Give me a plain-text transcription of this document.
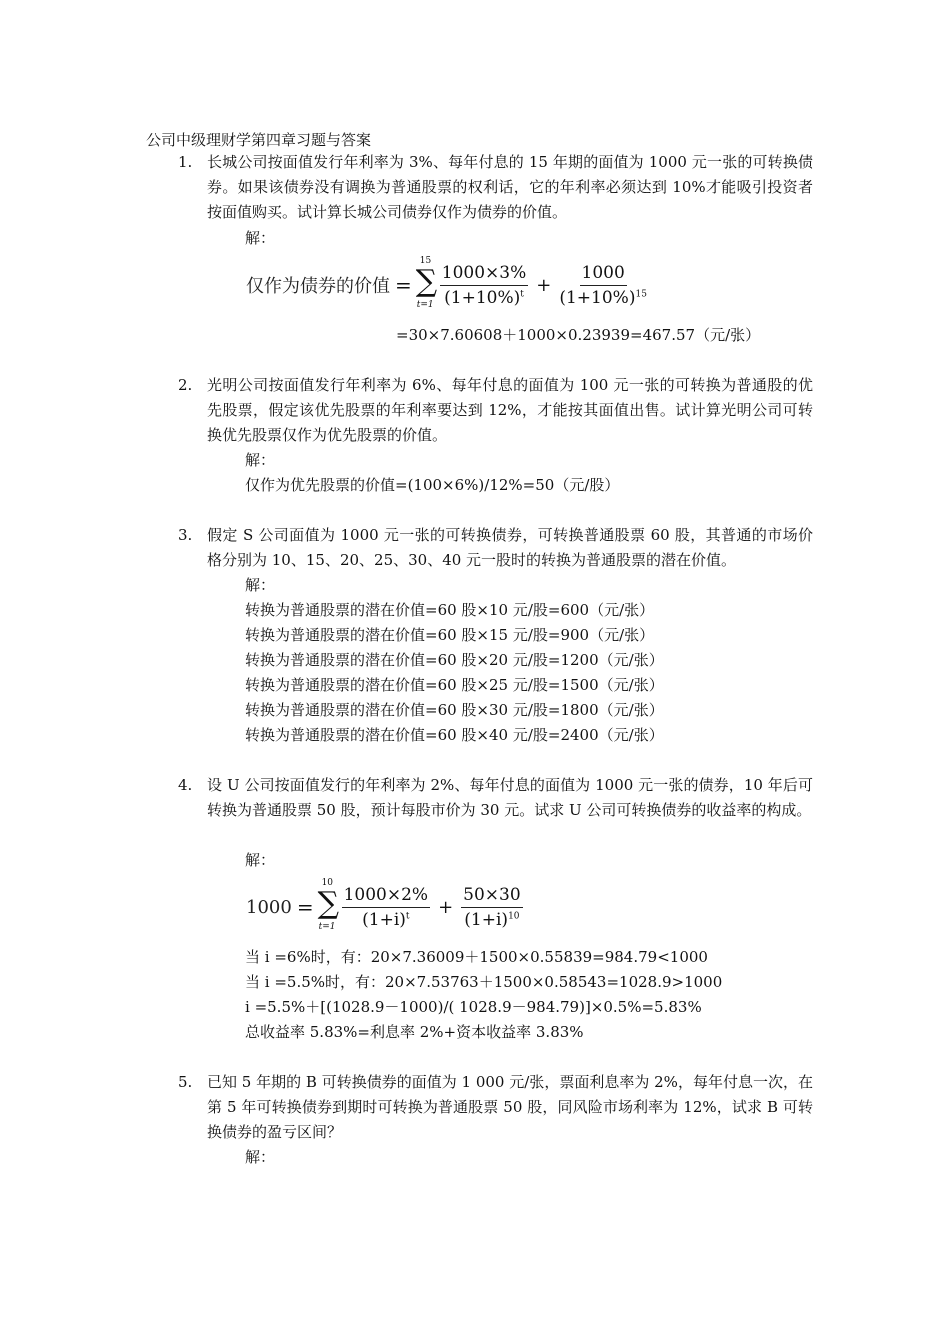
公司中级理财学第四章习题与答案
1. 长城公司按面值发行年利率为 3%、每年付息的 15 年期的面值为 1000 元一张的可转换债券。如果该债券没有调换为普通股票的权利话，它的年利率必须达到 10%才能吸引投资者按面值购买。试计算长城公司债券仅作为债券的价值。
解：
仅作为债券的价值 =
15
∑
$t=1 \frac{1000\times 3\%}{(1+10\%)^t} + \frac{1000}{(1+10\%)^{15}}$
=30×7.60608＋1000×0.23939=467.57（元/张）
2. 光明公司按面值发行年利率为 6%、每年付息的面值为 100 元一张的可转换为普通股的优先股票，假定该优先股票的年利率要达到 12%，才能按其面值出售。试计算光明公司可转换优先股票仅作为优先股票的价值。
解：
仅作为优先股票的价值=(100×6%)/12%=50（元/股）
3. 假定 S 公司面值为 1000 元一张的可转换债券，可转换普通股票 60 股，其普通的市场价格分别为 10、15、20、25、30、40 元一股时的转换为普通股票的潜在价值。
解：
转换为普通股票的潜在价值=60 股×10 元/股=600（元/张）
转换为普通股票的潜在价值=60 股×15 元/股=900（元/张）
转换为普通股票的潜在价值=60 股×20 元/股=1200（元/张）
转换为普通股票的潜在价值=60 股×25 元/股=1500（元/张）
转换为普通股票的潜在价值=60 股×30 元/股=1800（元/张）
转换为普通股票的潜在价值=60 股×40 元/股=2400（元/张）
4. 设 U 公司按面值发行的年利率为 2%、每年付息的面值为 1000 元一张的债券，10 年后可转换为普通股票 50 股，预计每股市价为 30 元。试求 U 公司可转换债券的收益率的构成。
解：
1000 =
10
∑
$t=1 \frac{1000\times 2\%}{(1+i)^t} + \frac{50\times 30}{(1+i)^{10}}$
当 i =6%时，有：20×7.36009＋1500×0.55839=984.79<1000
当 i =5.5%时，有：20×7.53763＋1500×0.58543=1028.9>1000
i =5.5%＋[(1028.9－1000)/( 1028.9－984.79)]×0.5%=5.83%
总收益率 5.83%=利息率 2%+资本收益率 3.83%
5. 已知 5 年期的 B 可转换债券的面值为 1 000 元/张，票面利息率为 2%，每年付息一次，在第 5 年可转换债券到期时可转换为普通股票 50 股，同风险市场利率为 12%，试求 B 可转换债券的盈亏区间？
解：
